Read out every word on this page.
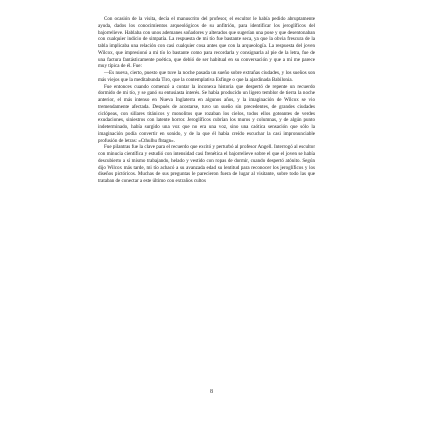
Con ocasión de la visita, decía el manuscrito del profesor, el escultor le había pedido abruptamente ayuda, dados los conocimientos arqueológicos de su anfitrión, para identificar los jeroglíficos del bajorrelieve. Hablaba con unos ademanes soñadores y alterados que sugerían una pose y que desentonaban con cualquier indicio de simpatía. La respuesta de mi tío fue bastante seca, ya que la obvia frescura de la tabla implicaba una relación con casi cualquier cosa antes que con la arqueología. La respuesta del joven Wilcox, que impresionó a mi tío lo bastante como para recordarla y consignarla al pie de la letra, fue de una factura fantásticamente poética, que debió de ser habitual en su conversación y que a mí me parece muy típica de él. Fue:

—Es nueva, cierto, puesto que tuve la noche pasada un sueño sobre extrañas ciudades, y los sueños son más viejos que la meditabunda Tiro, que la contemplativa Esfinge o que la ajardinada Babilonia.

Fue entonces cuando comenzó a contar la inconexa historia que despertó de repente un recuerdo dormido de mi tío, y se ganó su entusiasta interés. Se había producido un ligero temblor de tierra la noche anterior, el más intenso en Nueva Inglaterra en algunos años, y la imaginación de Wilcox se vio tremendamente afectada. Después de acostarse, tuvo un sueño sin precedentes, de grandes ciudades ciclópeas, con sillares titánicos y monolitos que rozaban los cielos, todos ellos goteantes de verdes exudaciones, siniestros con latente horror. Jeroglíficos cubrían los muros y columnas, y de algún punto indeterminado, había surgido una voz que no era una voz, sino una caótica sensación que sólo la imaginación podía convertir en sonido, y de la que él había creído escuchar la casi impronunciable profusión de letras: «Cthulhu fhtagn».

Fue pilantras fue la clave para el recuerdo que excitó y perturbó al profesor Angell. Interrogó al escultor con minucia científica y estudió con intensidad casi frenética el bajorrelieve sobre el que el joven se había descubierto a sí mismo trabajando, helado y vestido con ropas de dormir, cuando despertó atónito. Según dijo Wilcox más tarde, mi tío achacó a su avanzada edad su lentitud para reconocer los jeroglíficos y los diseños pictóricos. Muchas de sus preguntas le parecieron fuera de lugar al visitante, sobre todo las que trataban de conectar a este último con extraños cultos

8
